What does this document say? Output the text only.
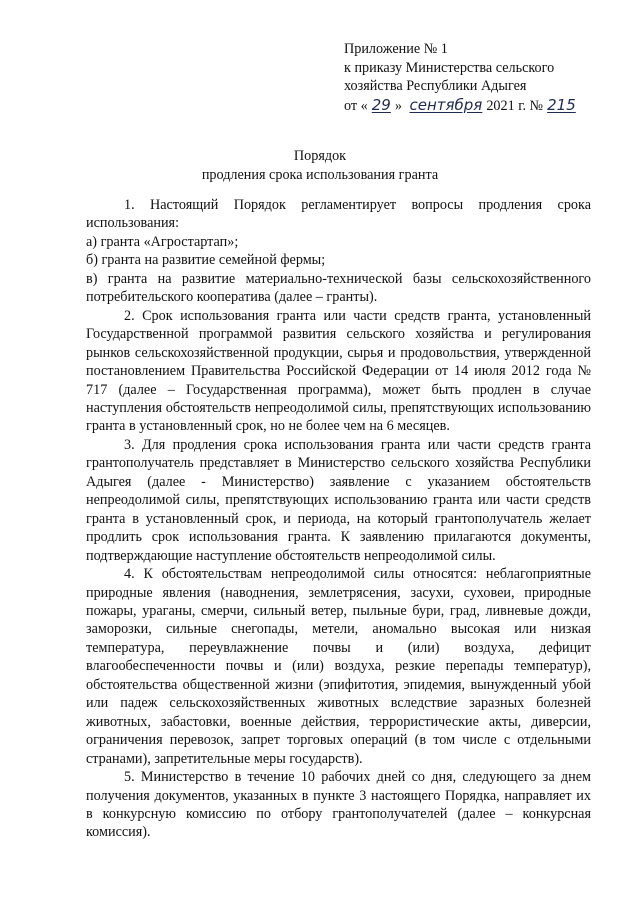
Приложение № 1
к приказу Министерства сельского
хозяйства Республики Адыгея
от « 29 » сентября 2021 г. № 215
Порядок
продления срока использования гранта

1. Настоящий Порядок регламентирует вопросы продления срока использования:

а) гранта «Агростартап»;

б) гранта на развитие семейной фермы;

в) гранта на развитие материально-технической базы сельскохозяйственного потребительского кооператива (далее – гранты).

2. Срок использования гранта или части средств гранта, установленный Государственной программой развития сельского хозяйства и регулирования рынков сельскохозяйственной продукции, сырья и продовольствия, утвержденной постановлением Правительства Российской Федерации от 14 июля 2012 года № 717 (далее – Государственная программа), может быть продлен в случае наступления обстоятельств непреодолимой силы, препятствующих использованию гранта в установленный срок, но не более чем на 6 месяцев.

3. Для продления срока использования гранта или части средств гранта грантополучатель представляет в Министерство сельского хозяйства Республики Адыгея (далее - Министерство) заявление с указанием обстоятельств непреодолимой силы, препятствующих использованию гранта или части средств гранта в установленный срок, и периода, на который грантополучатель желает продлить срок использования гранта. К заявлению прилагаются документы, подтверждающие наступление обстоятельств непреодолимой силы.

4. К обстоятельствам непреодолимой силы относятся: неблагоприятные природные явления (наводнения, землетрясения, засухи, суховеи, природные пожары, ураганы, смерчи, сильный ветер, пыльные бури, град, ливневые дожди, заморозки, сильные снегопады, метели, аномально высокая или низкая температура, переувлажнение почвы и (или) воздуха, дефицит влагообеспеченности почвы и (или) воздуха, резкие перепады температур), обстоятельства общественной жизни (эпифитотия, эпидемия, вынужденный убой или падеж сельскохозяйственных животных вследствие заразных болезней животных, забастовки, военные действия, террористические акты, диверсии, ограничения перевозок, запрет торговых операций (в том числе с отдельными странами), запретительные меры государств).

5. Министерство в течение 10 рабочих дней со дня, следующего за днем получения документов, указанных в пункте 3 настоящего Порядка, направляет их в конкурсную комиссию по отбору грантополучателей (далее – конкурсная комиссия).
